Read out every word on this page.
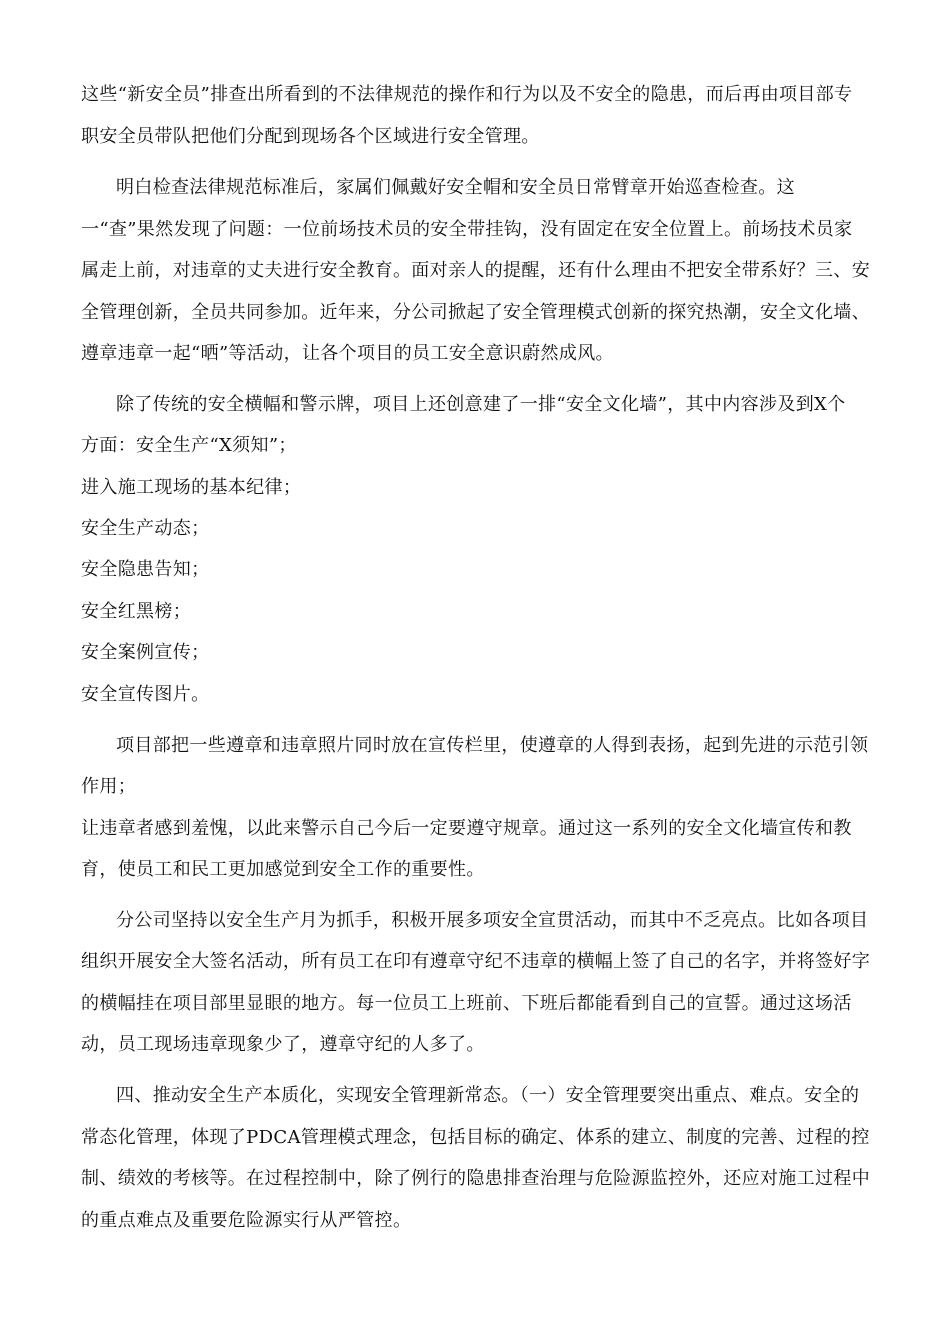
这些“新安全员”排查出所看到的不法律规范的操作和行为以及不安全的隐患，而后再由项目部专
职安全员带队把他们分配到现场各个区域进行安全管理。
明白检查法律规范标准后，家属们佩戴好安全帽和安全员日常臂章开始巡查检查。这
一“查”果然发现了问题：一位前场技术员的安全带挂钩，没有固定在安全位置上。前场技术员家
属走上前，对违章的丈夫进行安全教育。面对亲人的提醒，还有什么理由不把安全带系好？三、安
全管理创新，全员共同参加。近年来，分公司掀起了安全管理模式创新的探究热潮，安全文化墙、
遵章违章一起“晒”等活动，让各个项目的员工安全意识蔚然成风。
除了传统的安全横幅和警示牌，项目上还创意建了一排“安全文化墙”，其中内容涉及到X个
方面：安全生产“X须知”；
进入施工现场的基本纪律；
安全生产动态；
安全隐患告知；
安全红黑榜；
安全案例宣传；
安全宣传图片。
项目部把一些遵章和违章照片同时放在宣传栏里，使遵章的人得到表扬，起到先进的示范引领
作用；
让违章者感到羞愧，以此来警示自己今后一定要遵守规章。通过这一系列的安全文化墙宣传和教
育，使员工和民工更加感觉到安全工作的重要性。
分公司坚持以安全生产月为抓手，积极开展多项安全宣贯活动，而其中不乏亮点。比如各项目
组织开展安全大签名活动，所有员工在印有遵章守纪不违章的横幅上签了自己的名字，并将签好字
的横幅挂在项目部里显眼的地方。每一位员工上班前、下班后都能看到自己的宣誓。通过这场活
动，员工现场违章现象少了，遵章守纪的人多了。
四、推动安全生产本质化，实现安全管理新常态。（一）安全管理要突出重点、难点。安全的
常态化管理，体现了PDCA管理模式理念，包括目标的确定、体系的建立、制度的完善、过程的控
制、绩效的考核等。在过程控制中，除了例行的隐患排查治理与危险源监控外，还应对施工过程中
的重点难点及重要危险源实行从严管控。
